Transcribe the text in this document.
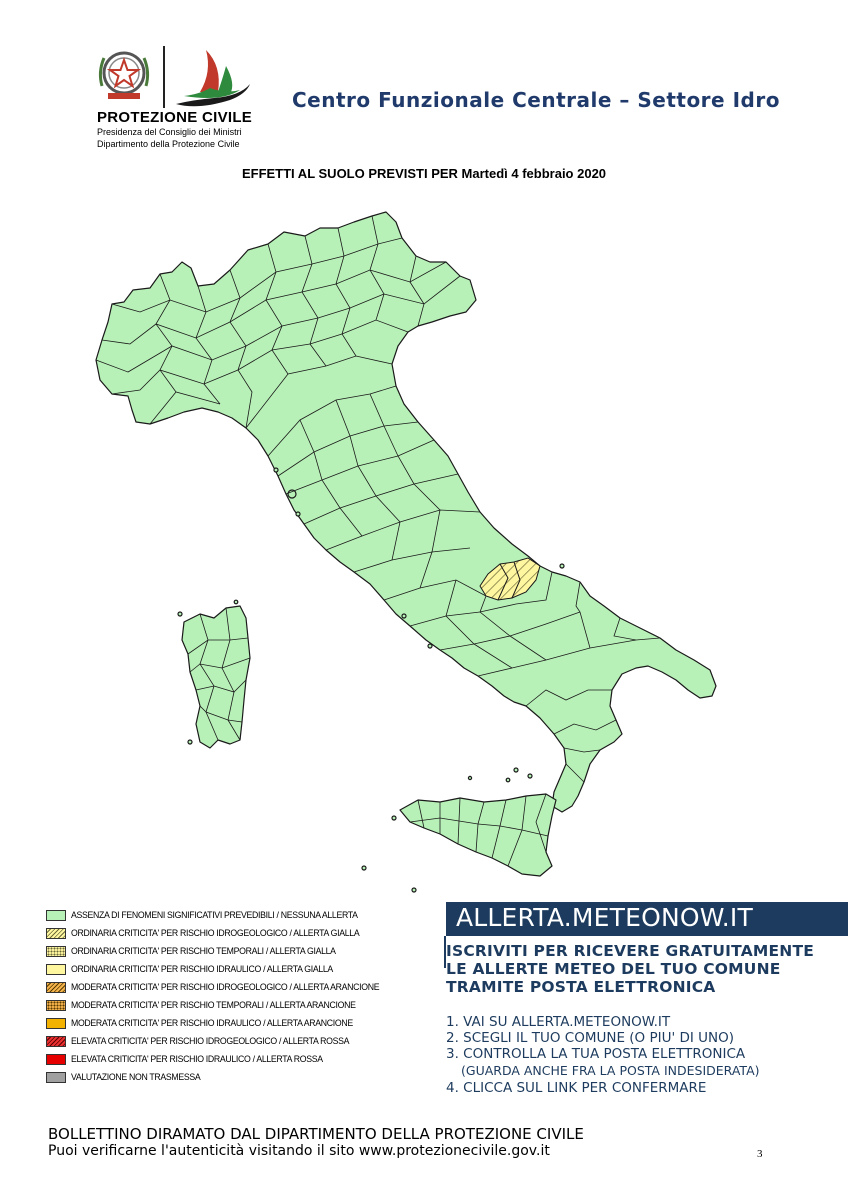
PROTEZIONE CIVILE
Presidenza del Consiglio dei Ministri
Dipartimento della Protezione Civile
Centro Funzionale Centrale – Settore Idro
EFFETTI AL SUOLO PREVISTI PER Martedì 4 febbraio 2020
ASSENZA DI FENOMENI SIGNIFICATIVI PREVEDIBILI / NESSUNA ALLERTA
ORDINARIA CRITICITA' PER RISCHIO IDROGEOLOGICO / ALLERTA GIALLA
ORDINARIA CRITICITA' PER RISCHIO TEMPORALI / ALLERTA GIALLA
ORDINARIA CRITICITA' PER RISCHIO IDRAULICO / ALLERTA GIALLA
MODERATA CRITICITA' PER RISCHIO IDROGEOLOGICO / ALLERTA ARANCIONE
MODERATA CRITICITA' PER RISCHIO TEMPORALI / ALLERTA ARANCIONE
MODERATA CRITICITA' PER RISCHIO IDRAULICO / ALLERTA ARANCIONE
ELEVATA CRITICITA' PER RISCHIO IDROGEOLOGICO / ALLERTA ROSSA
ELEVATA CRITICITA' PER RISCHIO IDRAULICO / ALLERTA ROSSA
VALUTAZIONE NON TRASMESSA
ALLERTA.METEONOW.IT
ISCRIVITI PER RICEVERE GRATUITAMENTE
LE ALLERTE METEO DEL TUO COMUNE
TRAMITE POSTA ELETTRONICA
1. VAI SU ALLERTA.METEONOW.IT
2. SCEGLI IL TUO COMUNE (O PIU' DI UNO)
3. CONTROLLA LA TUA POSTA ELETTRONICA
(GUARDA ANCHE FRA LA POSTA INDESIDERATA)
4. CLICCA SUL LINK PER CONFERMARE
BOLLETTINO DIRAMATO DAL DIPARTIMENTO DELLA PROTEZIONE CIVILE
Puoi verificarne l'autenticità visitando il sito www.protezionecivile.gov.it	3
